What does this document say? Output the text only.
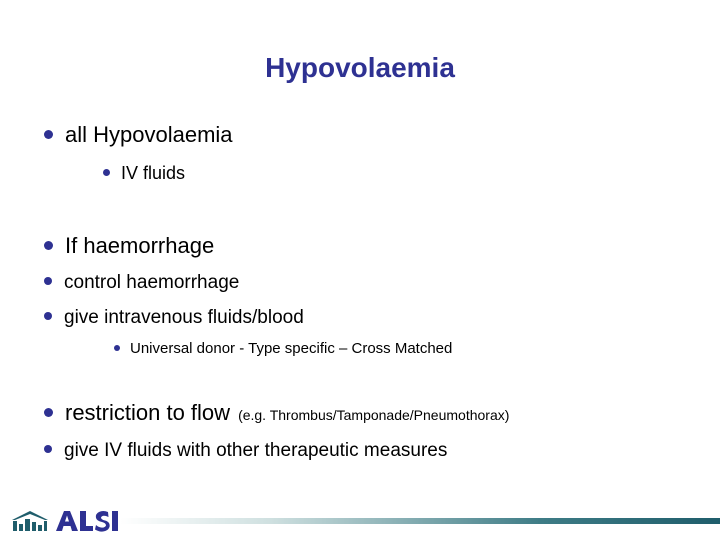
Hypovolaemia
all Hypovolaemia
IV fluids
If haemorrhage
control haemorrhage
give intravenous fluids/blood
Universal donor - Type specific – Cross Matched
restriction to flow (e.g. Thrombus/Tamponade/Pneumothorax)
give IV fluids with other therapeutic measures
